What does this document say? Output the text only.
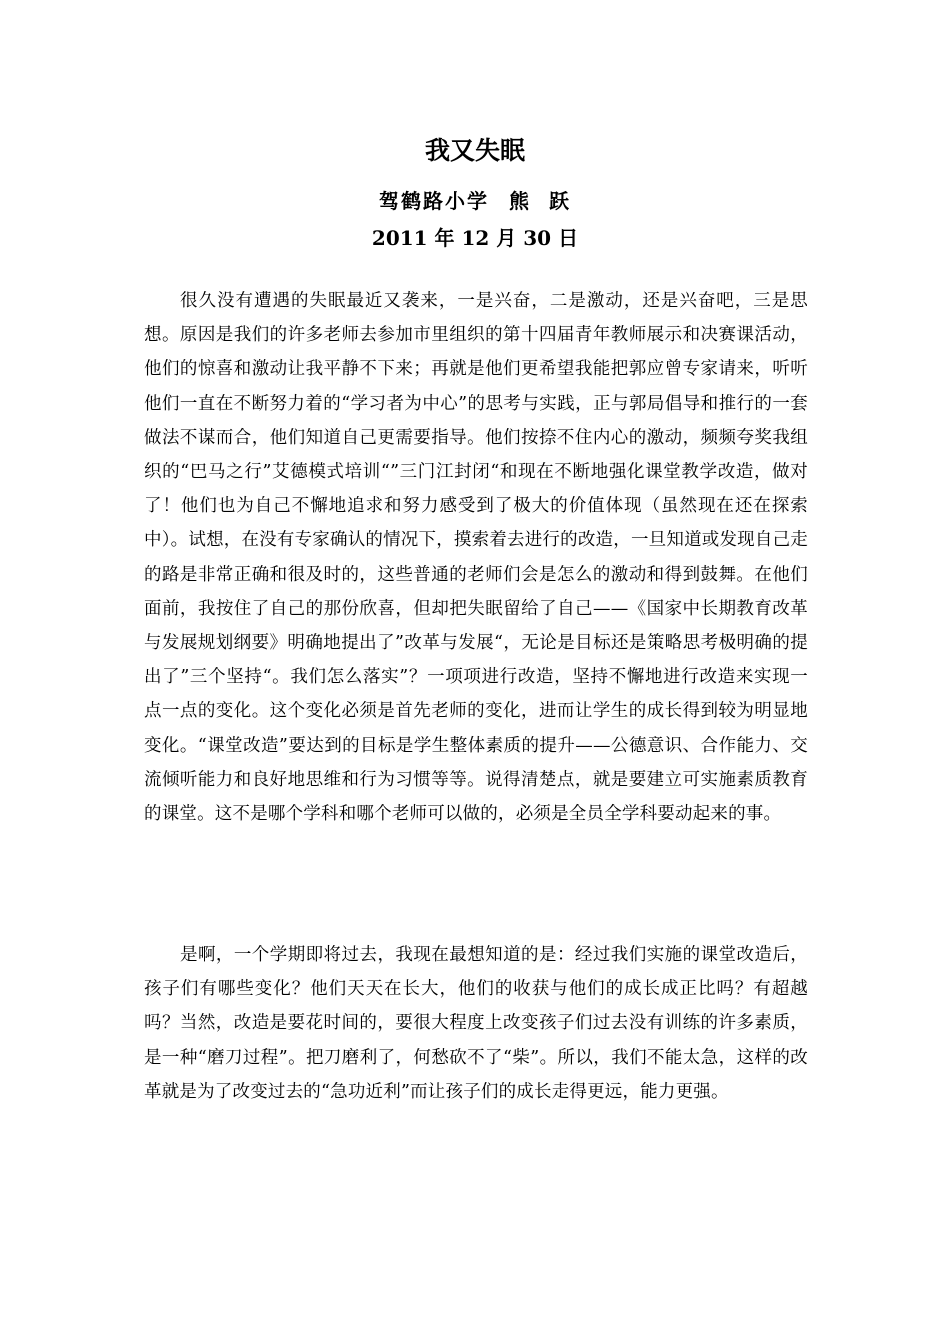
我又失眠
驾鹤路小学 熊 跃
2011 年 12 月 30 日

很久没有遭遇的失眠最近又袭来，一是兴奋，二是激动，还是兴奋吧，三是思想。原因是我们的许多老师去参加市里组织的第十四届青年教师展示和决赛课活动，他们的惊喜和激动让我平静不下来；再就是他们更希望我能把郭应曾专家请来，听听他们一直在不断努力着的“学习者为中心”的思考与实践，正与郭局倡导和推行的一套做法不谋而合，他们知道自己更需要指导。他们按捺不住内心的激动，频频夸奖我组织的“巴马之行”艾德模式培训“”三门江封闭“和现在不断地强化课堂教学改造，做对了！他们也为自己不懈地追求和努力感受到了极大的价值体现（虽然现在还在探索中）。试想，在没有专家确认的情况下，摸索着去进行的改造，一旦知道或发现自己走的路是非常正确和很及时的，这些普通的老师们会是怎么的激动和得到鼓舞。在他们面前，我按住了自己的那份欣喜，但却把失眠留给了自己——《国家中长期教育改革与发展规划纲要》明确地提出了”改革与发展“，无论是目标还是策略思考极明确的提出了”三个坚持“。我们怎么落实”？一项项进行改造，坚持不懈地进行改造来实现一点一点的变化。这个变化必须是首先老师的变化，进而让学生的成长得到较为明显地变化。“课堂改造”要达到的目标是学生整体素质的提升——公德意识、合作能力、交流倾听能力和良好地思维和行为习惯等等。说得清楚点，就是要建立可实施素质教育的课堂。这不是哪个学科和哪个老师可以做的，必须是全员全学科要动起来的事。

是啊，一个学期即将过去，我现在最想知道的是：经过我们实施的课堂改造后，孩子们有哪些变化？他们天天在长大，他们的收获与他们的成长成正比吗？有超越吗？当然，改造是要花时间的，要很大程度上改变孩子们过去没有训练的许多素质，是一种“磨刀过程”。把刀磨利了，何愁砍不了“柴”。所以，我们不能太急，这样的改革就是为了改变过去的“急功近利”而让孩子们的成长走得更远，能力更强。
